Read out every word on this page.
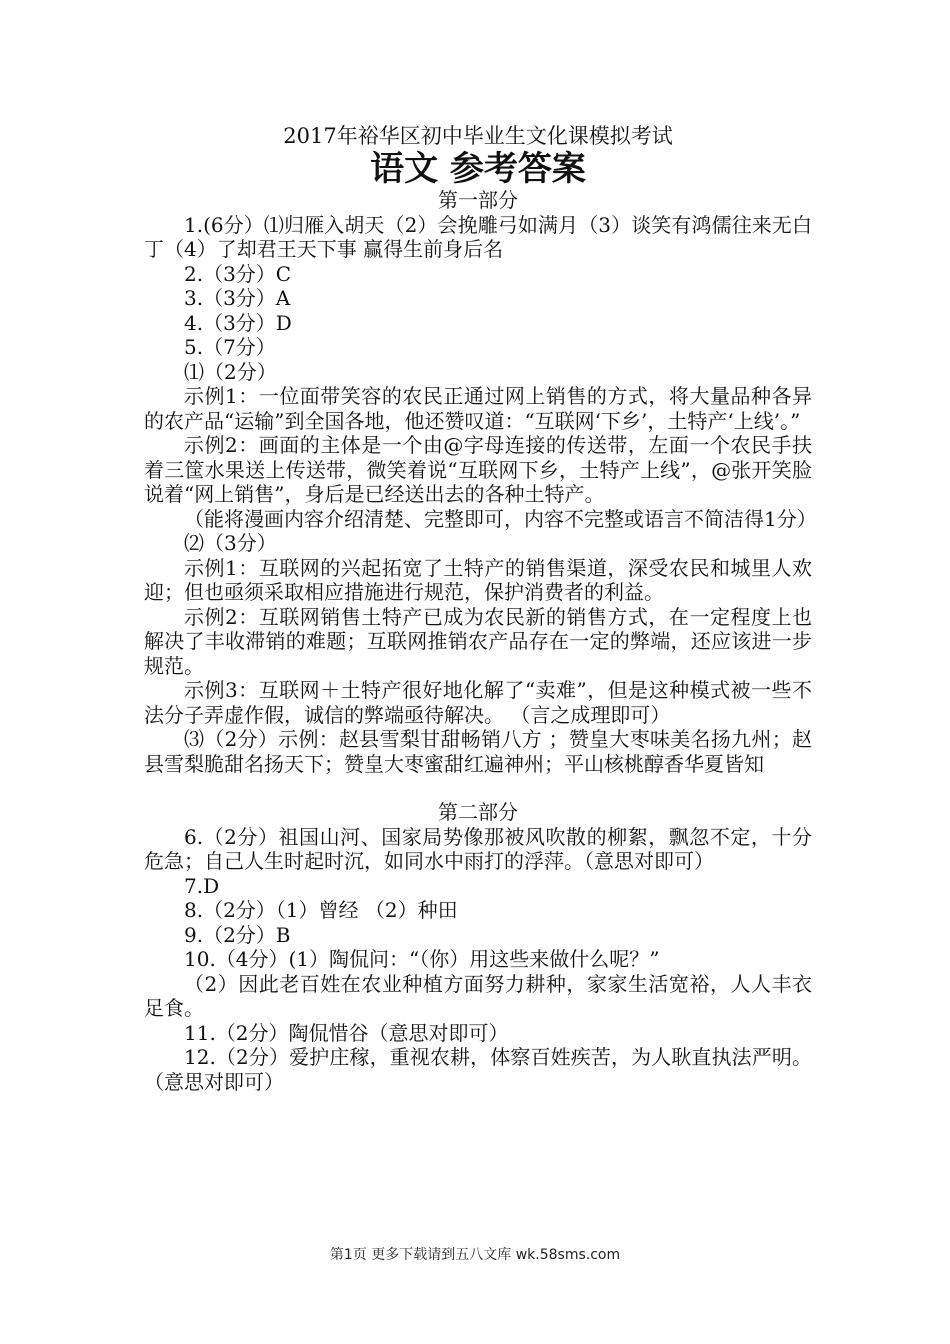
2017年裕华区初中毕业生文化课模拟考试

语文 参考答案

第一部分

1.(6分）⑴归雁入胡天（2）会挽雕弓如满月（3）谈笑有鸿儒往来无白丁（4）了却君王天下事 赢得生前身后名

2.（3分）C

3.（3分）A

4.（3分）D

5.（7分）

⑴（2分）

示例1：一位面带笑容的农民正通过网上销售的方式，将大量品种各异的农产品“运输”到全国各地，他还赞叹道：“互联网‘下乡’，土特产‘上线’。”

示例2：画面的主体是一个由@字母连接的传送带，左面一个农民手扶着三筐水果送上传送带，微笑着说“互联网下乡，土特产上线”，@张开笑脸说着“网上销售”，身后是已经送出去的各种土特产。

（能将漫画内容介绍清楚、完整即可，内容不完整或语言不简洁得1分）

⑵（3分）

示例1：互联网的兴起拓宽了土特产的销售渠道，深受农民和城里人欢迎；但也亟须采取相应措施进行规范，保护消费者的利益。

示例2：互联网销售土特产已成为农民新的销售方式，在一定程度上也解决了丰收滞销的难题；互联网推销农产品存在一定的弊端，还应该进一步规范。

示例3：互联网＋土特产很好地化解了“卖难”，但是这种模式被一些不法分子弄虚作假，诚信的弊端亟待解决。 （言之成理即可）

⑶（2分）示例：赵县雪梨甘甜畅销八方 ；赞皇大枣味美名扬九州；赵县雪梨脆甜名扬天下；赞皇大枣蜜甜红遍神州；平山核桃醇香华夏皆知

第二部分

6.（2分）祖国山河、国家局势像那被风吹散的柳絮，飘忽不定，十分危急；自己人生时起时沉，如同水中雨打的浮萍。（意思对即可）

7.D

8.（2分）（1）曾经 （2）种田

9.（2分）B

10.（4分）(1）陶侃问：“（你）用这些来做什么呢？”

（2）因此老百姓在农业种植方面努力耕种，家家生活宽裕，人人丰衣足食。

11.（2分）陶侃惜谷（意思对即可）

12.（2分）爱护庄稼，重视农耕，体察百姓疾苦，为人耿直执法严明。（意思对即可）

第1页 更多下载请到五八文库 wk.58sms.com
